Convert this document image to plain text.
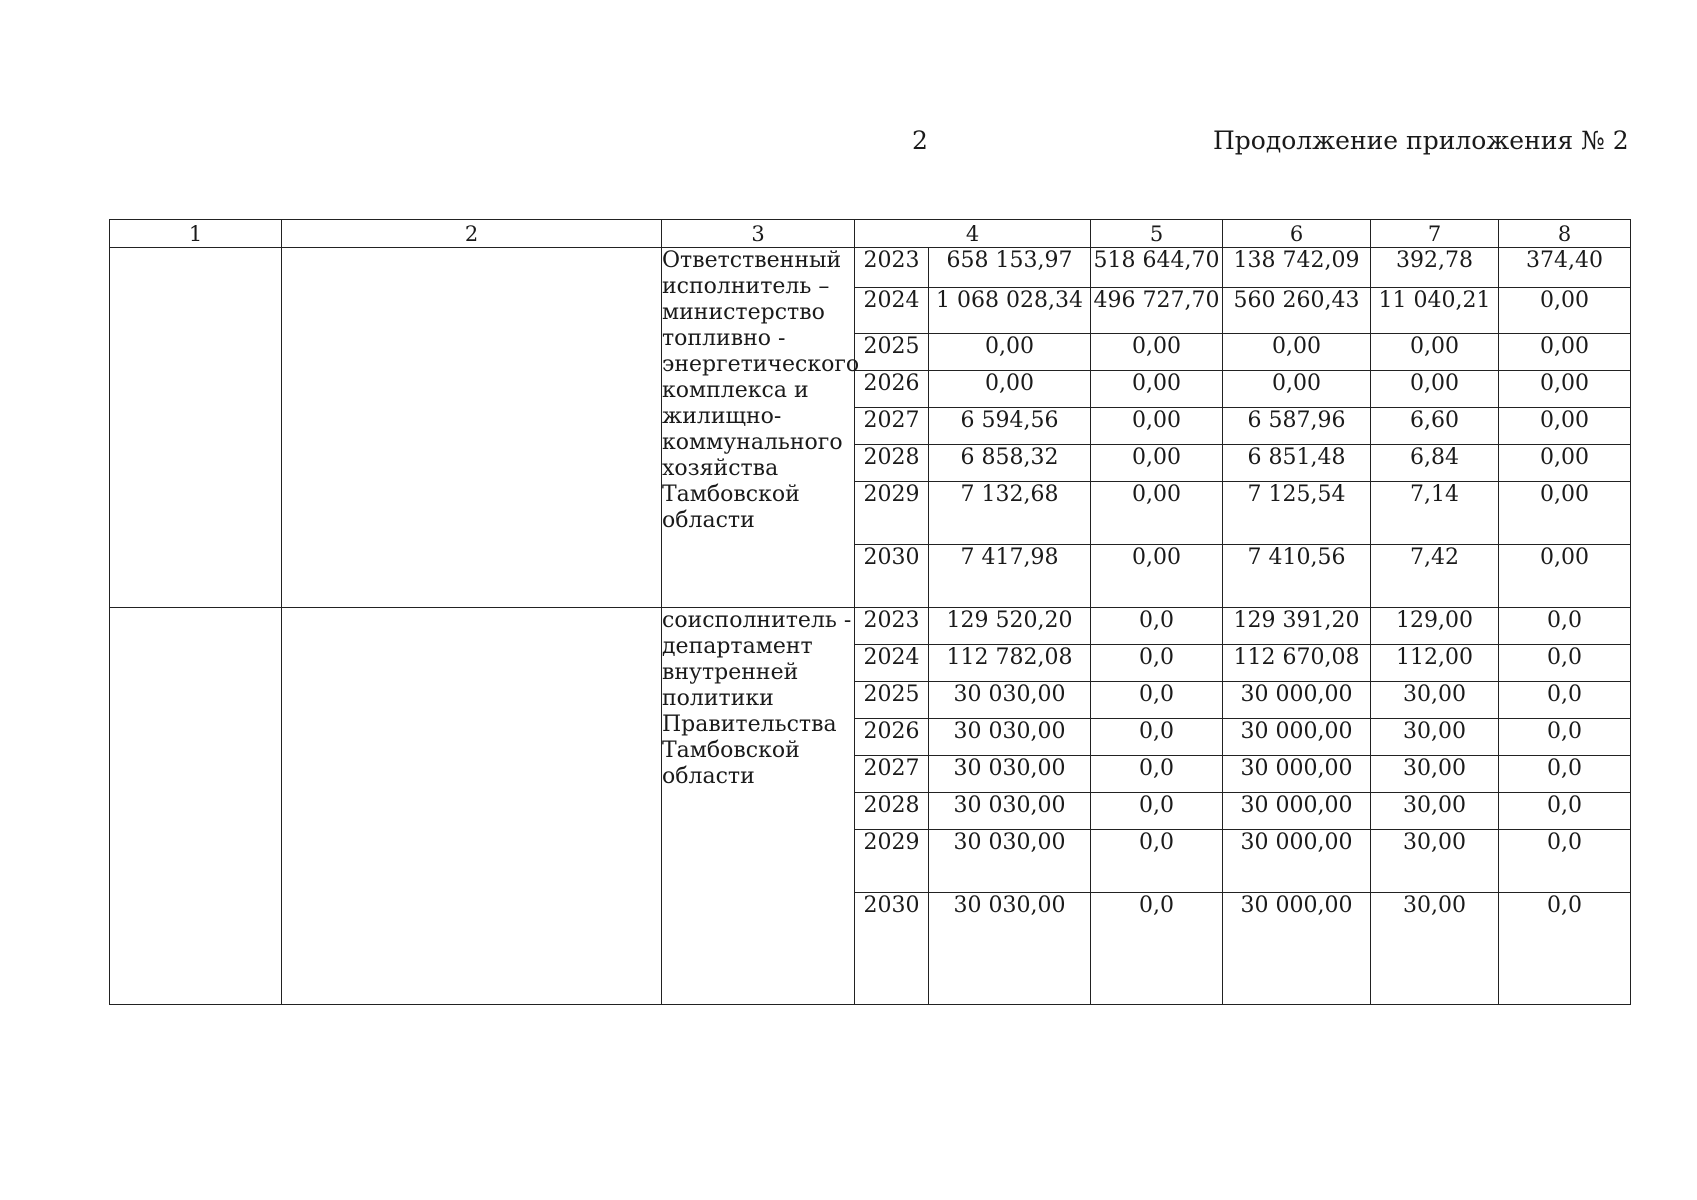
2	Продолжение приложения № 2
1	2	3	4		5	6	7	8
		Ответственный исполнитель – министерство топливно - энергетического комплекса и жилищно-коммунального хозяйства Тамбовской области	2023	658 153,97	518 644,70	138 742,09	392,78	374,40
			2024	1 068 028,34	496 727,70	560 260,43	11 040,21	0,00
			2025	0,00	0,00	0,00	0,00	0,00
			2026	0,00	0,00	0,00	0,00	0,00
			2027	6 594,56	0,00	6 587,96	6,60	0,00
			2028	6 858,32	0,00	6 851,48	6,84	0,00
			2029	7 132,68	0,00	7 125,54	7,14	0,00
			2030	7 417,98	0,00	7 410,56	7,42	0,00
		соисполнитель - департамент внутренней политики Правительства Тамбовской области	2023	129 520,20	0,0	129 391,20	129,00	0,0
			2024	112 782,08	0,0	112 670,08	112,00	0,0
			2025	30 030,00	0,0	30 000,00	30,00	0,0
			2026	30 030,00	0,0	30 000,00	30,00	0,0
			2027	30 030,00	0,0	30 000,00	30,00	0,0
			2028	30 030,00	0,0	30 000,00	30,00	0,0
			2029	30 030,00	0,0	30 000,00	30,00	0,0
			2030	30 030,00	0,0	30 000,00	30,00	0,0
